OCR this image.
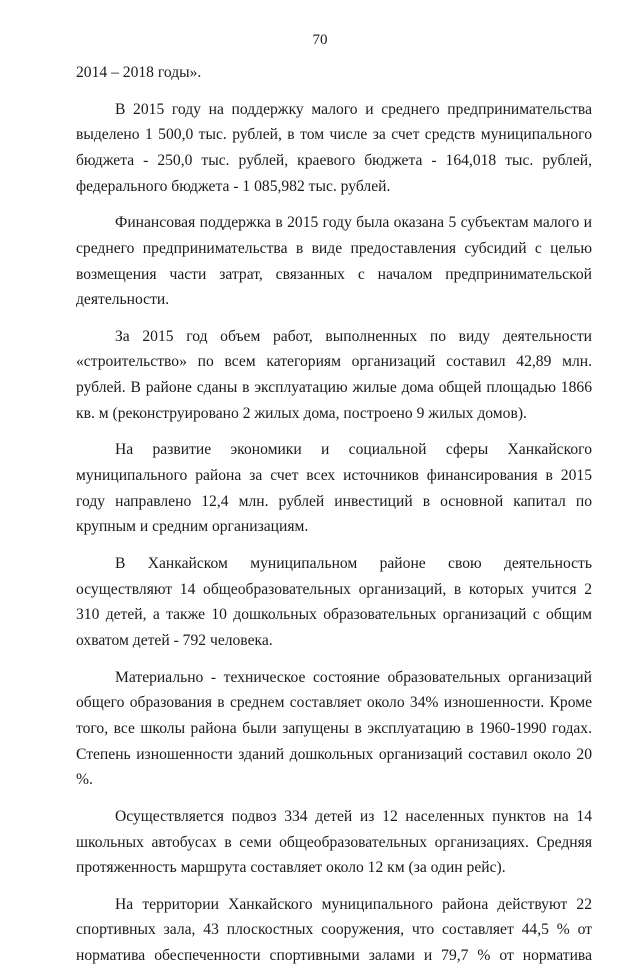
70

2014 – 2018 годы».

В 2015 году на поддержку малого и среднего предпринимательства выделено 1 500,0 тыс. рублей, в том числе за счет средств муниципального бюджета - 250,0 тыс. рублей, краевого бюджета - 164,018 тыс. рублей, федерального бюджета - 1 085,982 тыс. рублей.

Финансовая поддержка в 2015 году была оказана 5 субъектам малого и среднего предпринимательства в виде предоставления субсидий с целью возмещения части затрат, связанных с началом предпринимательской деятельности.

За 2015 год объем работ, выполненных по виду деятельности «строительство» по всем категориям организаций составил 42,89 млн. рублей. В районе сданы в эксплуатацию жилые дома общей площадью 1866 кв. м (реконструировано 2 жилых дома, построено 9 жилых домов).

На развитие экономики и социальной сферы Ханкайского муниципального района за счет всех источников финансирования в 2015 году направлено 12,4 млн. рублей инвестиций в основной капитал по крупным и средним организациям.

В Ханкайском муниципальном районе свою деятельность осуществляют 14 общеобразовательных организаций, в которых учится 2 310 детей, а также 10 дошкольных образовательных организаций с общим охватом детей - 792 человека.

Материально - техническое состояние образовательных организаций общего образования в среднем составляет около 34% изношенности. Кроме того, все школы района были запущены в эксплуатацию в 1960-1990 годах. Степень изношенности зданий дошкольных организаций составил около 20 %.

Осуществляется подвоз 334 детей из 12 населенных пунктов на 14 школьных автобусах в семи общеобразовательных организациях. Средняя протяженность маршрута составляет около 12 км (за один рейс).

На территории Ханкайского муниципального района действуют 22 спортивных зала, 43 плоскостных сооружения, что составляет 44,5 % от норматива обеспеченности спортивными залами и 79,7 % от норматива
